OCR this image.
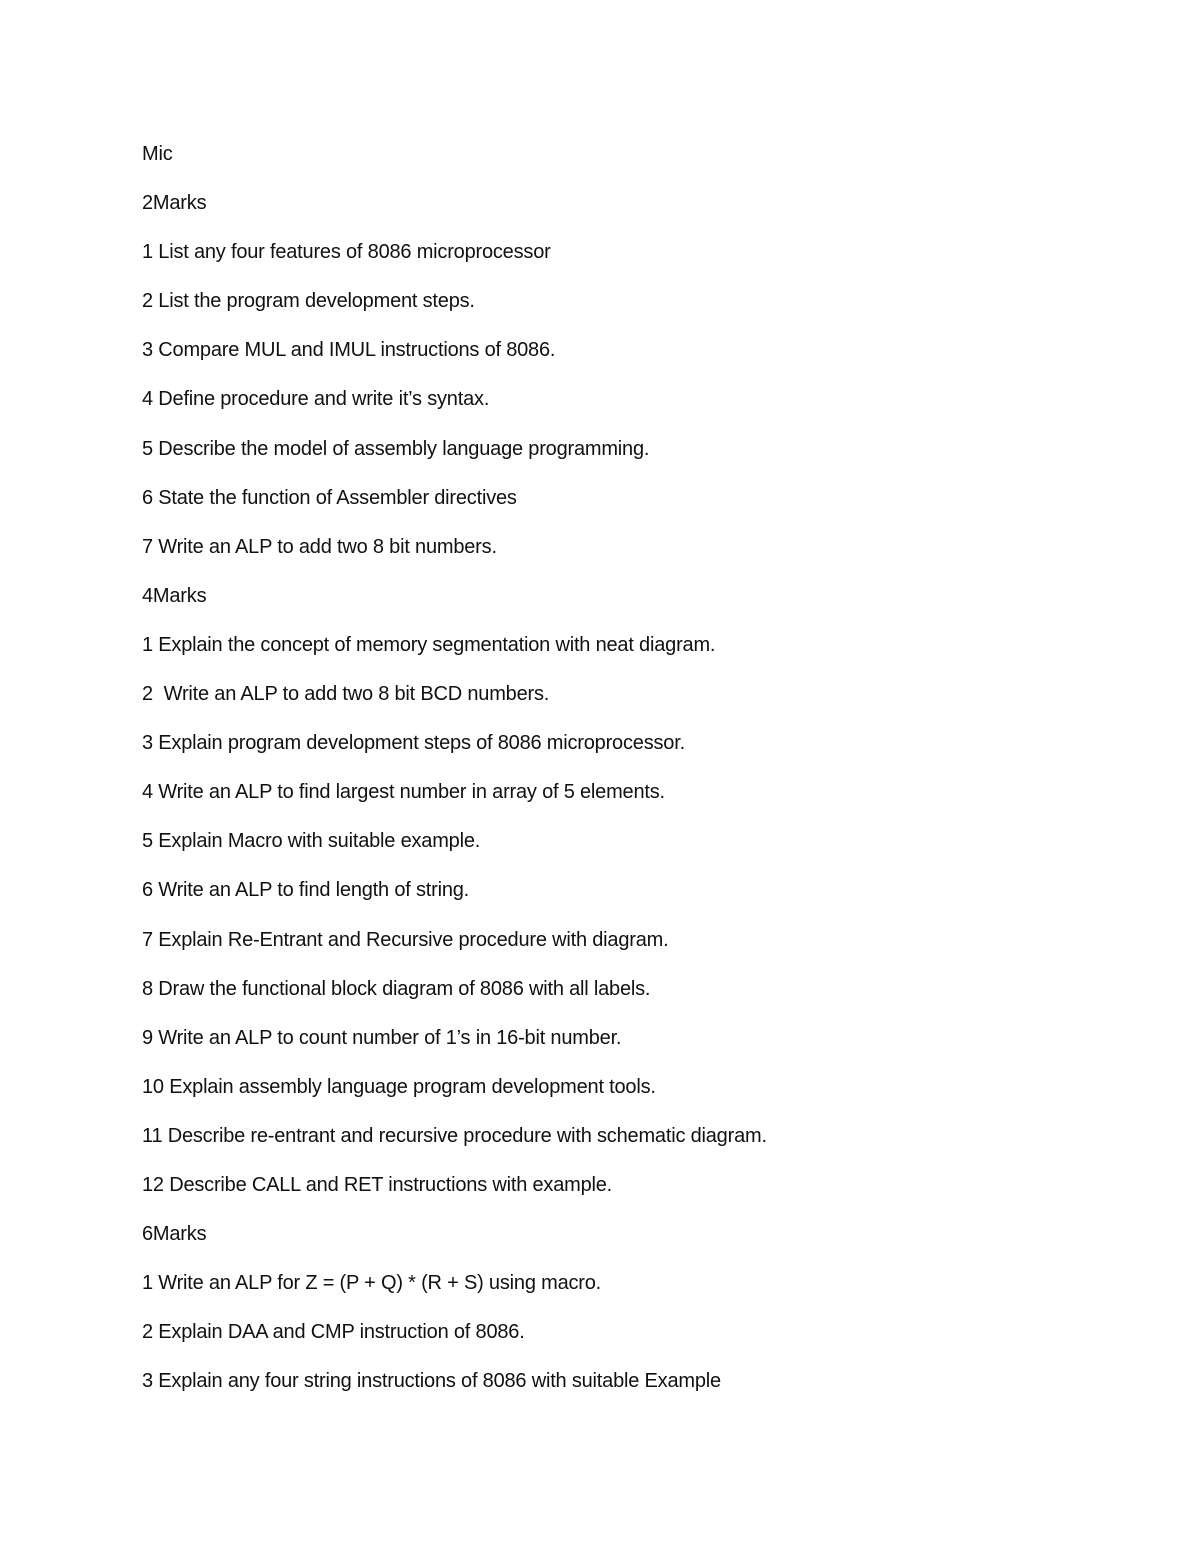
Mic
2Marks
1 List any four features of 8086 microprocessor
2 List the program development steps.
3 Compare MUL and IMUL instructions of 8086.
4 Define procedure and write it’s syntax.
5 Describe the model of assembly language programming.
6 State the function of Assembler directives
7 Write an ALP to add two 8 bit numbers.
4Marks
1 Explain the concept of memory segmentation with neat diagram.
2  Write an ALP to add two 8 bit BCD numbers.
3 Explain program development steps of 8086 microprocessor.
4 Write an ALP to find largest number in array of 5 elements.
5 Explain Macro with suitable example.
6 Write an ALP to find length of string.
7 Explain Re-Entrant and Recursive procedure with diagram.
8 Draw the functional block diagram of 8086 with all labels.
9 Write an ALP to count number of 1’s in 16-bit number.
10 Explain assembly language program development tools.
11 Describe re-entrant and recursive procedure with schematic diagram.
12 Describe CALL and RET instructions with example.
6Marks
1 Write an ALP for Z = (P + Q) * (R + S) using macro.
2 Explain DAA and CMP instruction of 8086.
3 Explain any four string instructions of 8086 with suitable Example
